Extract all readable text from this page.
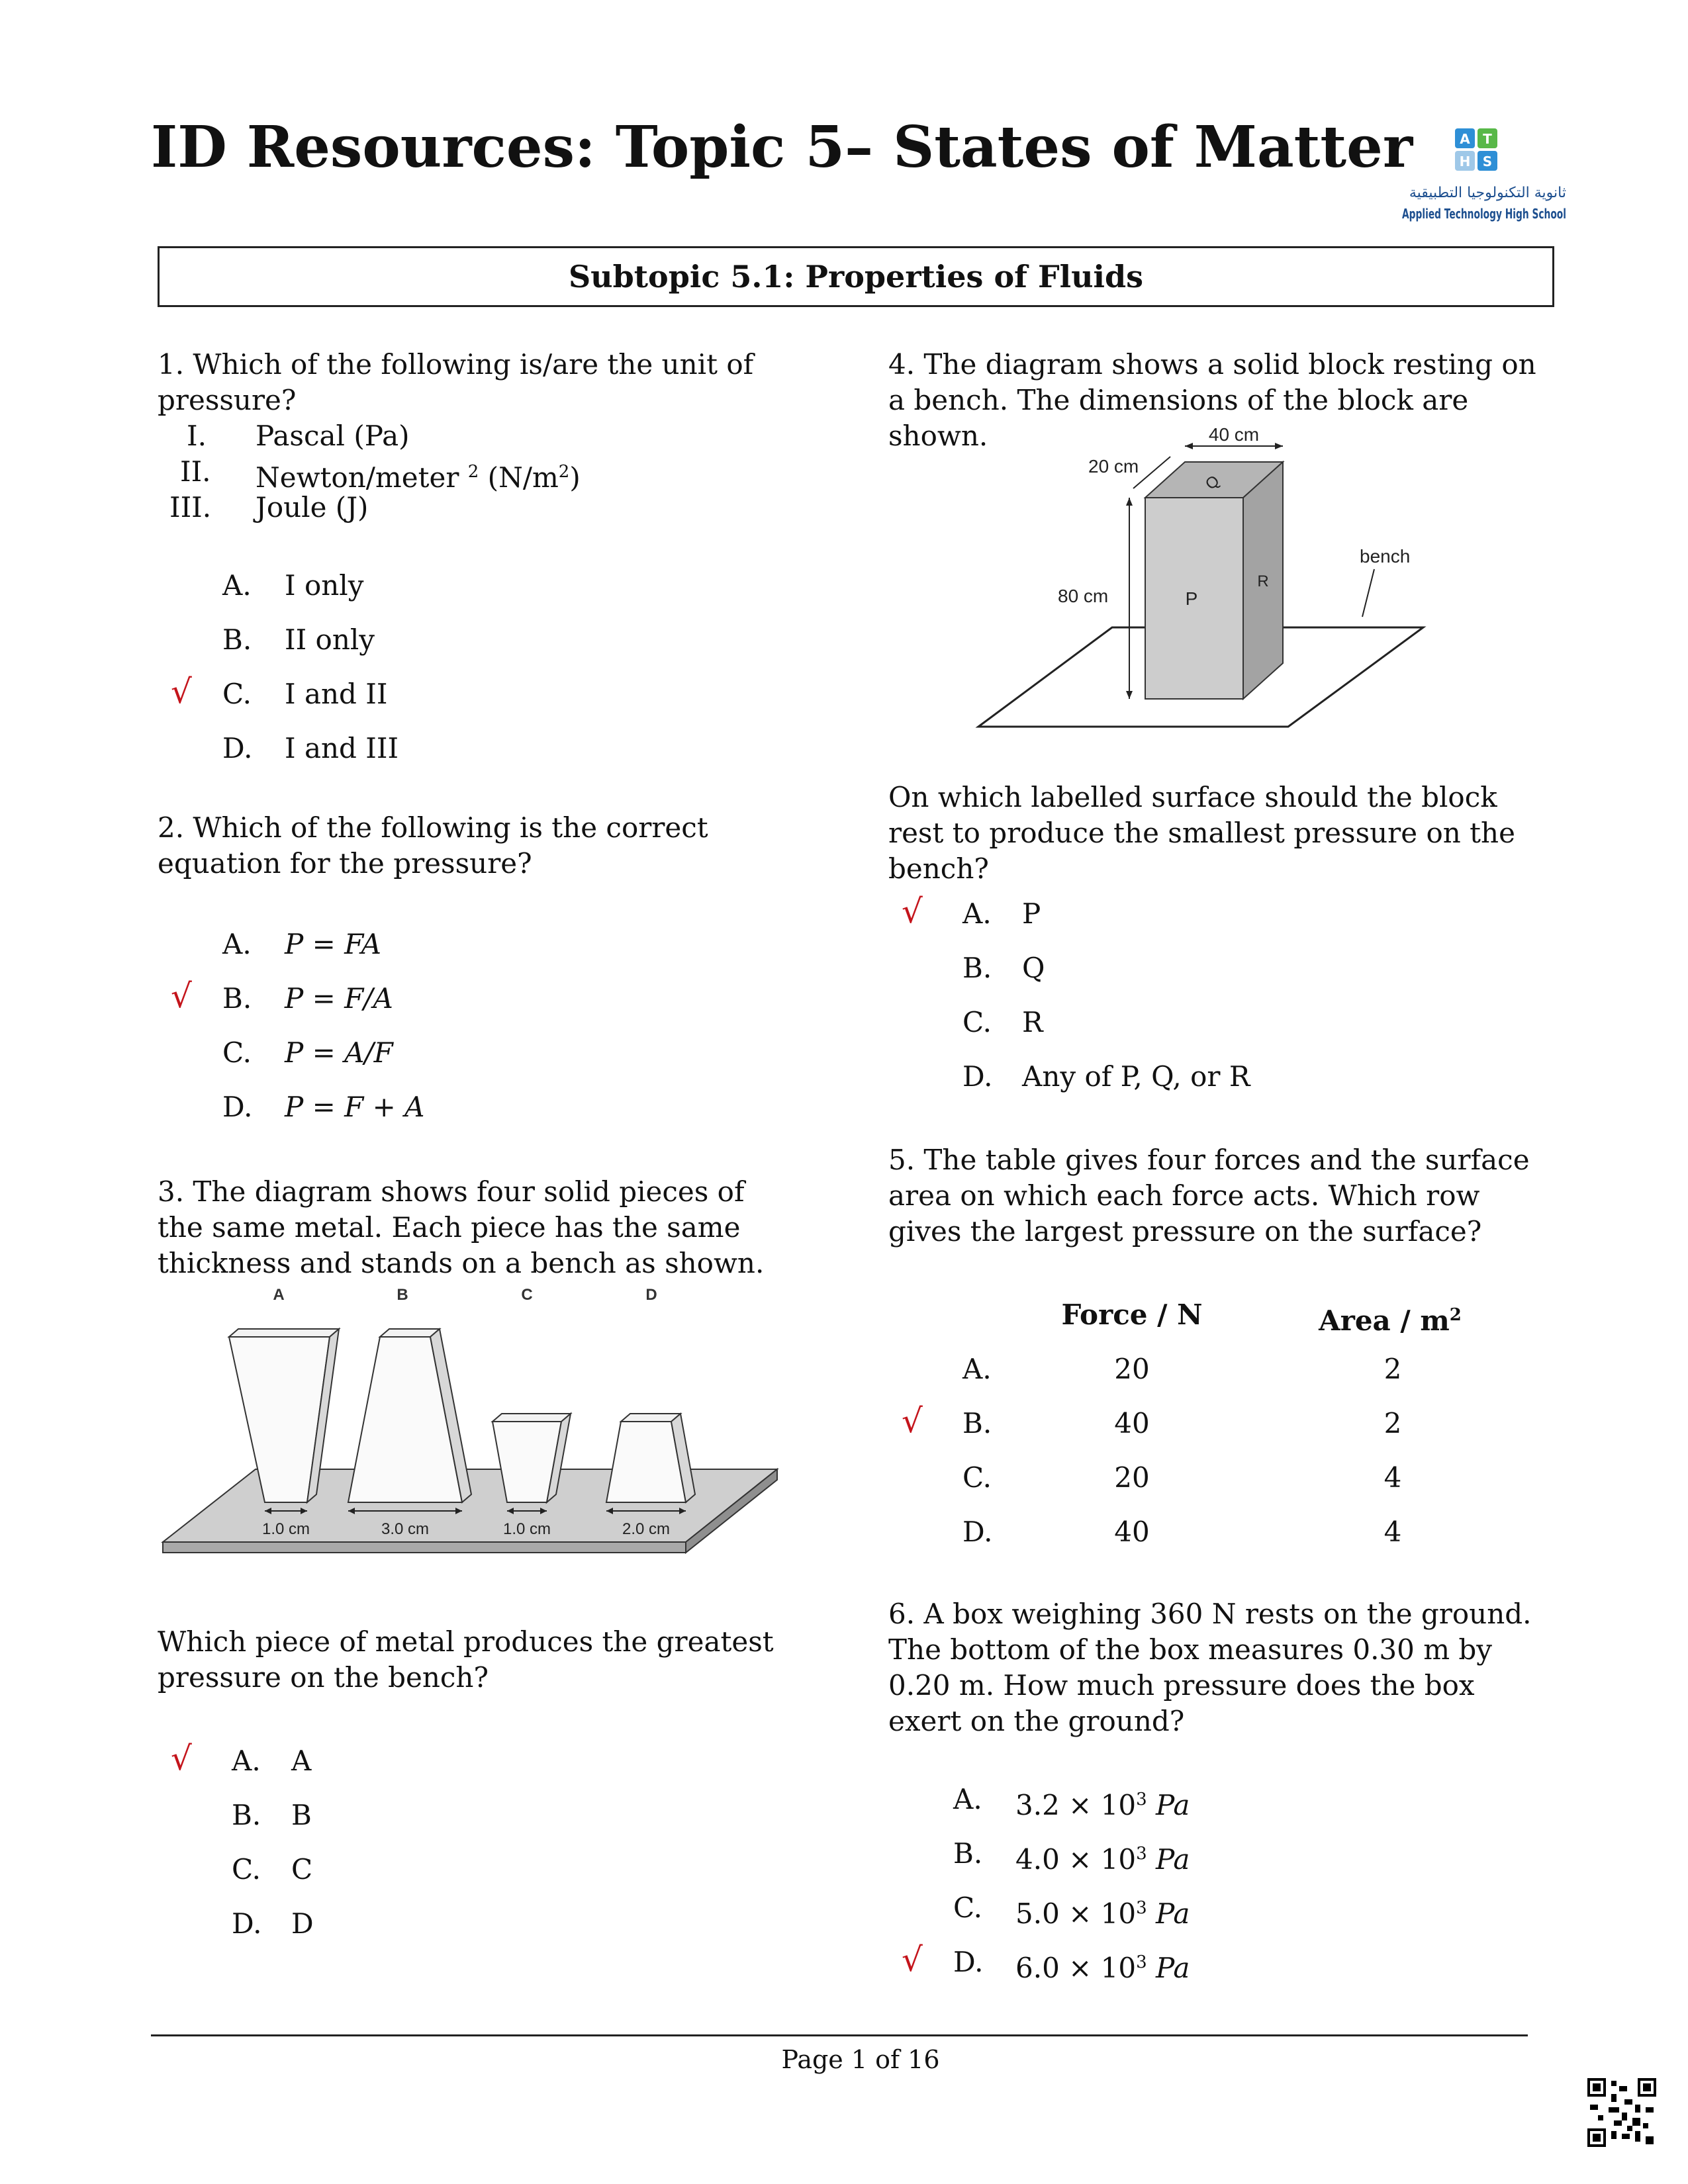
ID Resources: Topic 5– States of Matter	A T
H S
ثانوية التكنولوجيا التطبيقية
Applied Technology High School
Subtopic 5.1: Properties of Fluids
1. Which of the following is/are the unit of pressure?
I. Pascal (Pa)
II. Newton/meter $^2$ $(N/m^2)$
III. Joule (J)
A. I only
B. II only
√ C. I and II
D. I and III
2. Which of the following is the correct equation for the pressure?
A. P = FA
√ B. P = F/A
C. P = A/F
D. P = F + A
3. The diagram shows four solid pieces of the same metal. Each piece has the same thickness and stands on a bench as shown.
A	B	C	D
1.0 cm	3.0 cm	1.0 cm	2.0 cm
Which piece of metal produces the greatest pressure on the bench?
√ A. A
B. B
C. C
D. D
4. The diagram shows a solid block resting on a bench. The dimensions of the block are shown.	40 cm
20 cm
80 cm	P
Q
R
bench
On which labelled surface should the block rest to produce the smallest pressure on the bench?
√ A. P
B. Q
C. R
D. Any of P, Q, or R
5. The table gives four forces and the surface area on which each force acts. Which row gives the largest pressure on the surface?
Force / N	Area / $m^2$
A.	20	2
√ B.	40	2
C.	20	4
D.	40	4
6. A box weighing 360 N rests on the ground. The bottom of the box measures 0.30 m by 0.20 m. How much pressure does the box exert on the ground?
A. $3.2 \times 10^3$ Pa
B. $4.0 \times 10^3$ Pa
C. $5.0 \times 10^3$ Pa
√ D. $6.0 \times 10^3$ Pa
Page 1 of 16
